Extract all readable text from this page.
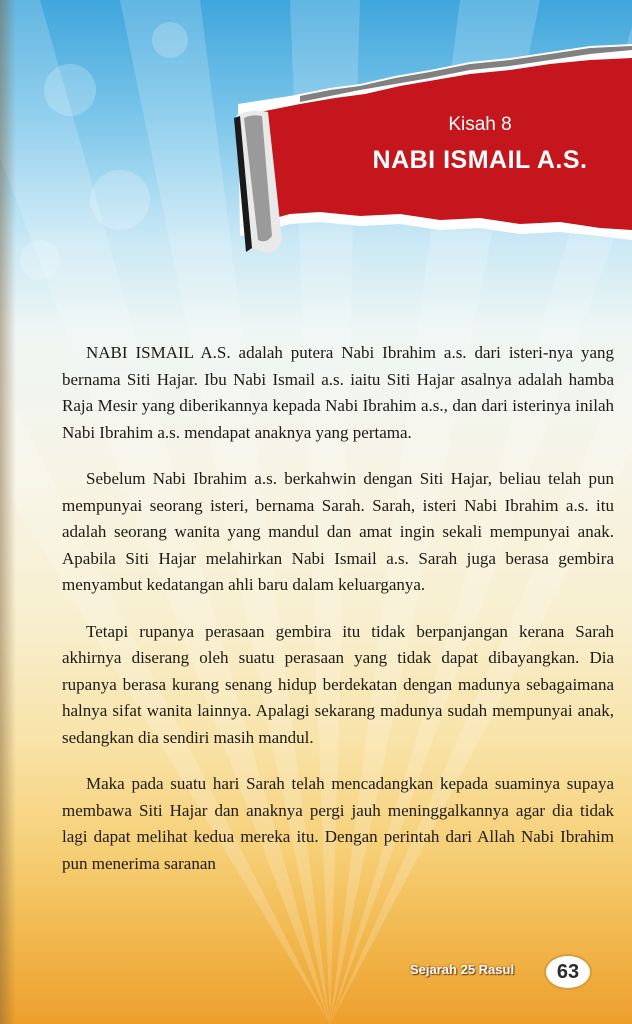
Kisah 8
NABI ISMAIL A.S.

NABI ISMAIL A.S. adalah putera Nabi Ibrahim a.s. dari isteri-nya yang bernama Siti Hajar. Ibu Nabi Ismail a.s. iaitu Siti Hajar asalnya adalah hamba Raja Mesir yang diberikannya kepada Nabi Ibrahim a.s., dan dari isterinya inilah Nabi Ibrahim a.s. mendapat anaknya yang pertama.

Sebelum Nabi Ibrahim a.s. berkahwin dengan Siti Hajar, beliau telah pun mempunyai seorang isteri, bernama Sarah. Sarah, isteri Nabi Ibrahim a.s. itu adalah seorang wanita yang mandul dan amat ingin sekali mempunyai anak. Apabila Siti Hajar melahirkan Nabi Ismail a.s. Sarah juga berasa gembira menyambut kedatangan ahli baru dalam keluarganya.

Tetapi rupanya perasaan gembira itu tidak berpanjangan kerana Sarah akhirnya diserang oleh suatu perasaan yang tidak dapat dibayangkan. Dia rupanya berasa kurang senang hidup berdekatan dengan madunya sebagaimana halnya sifat wanita lainnya. Apalagi sekarang madunya sudah mempunyai anak, sedangkan dia sendiri masih mandul.

Maka pada suatu hari Sarah telah mencadangkan kepada suaminya supaya membawa Siti Hajar dan anaknya pergi jauh meninggalkannya agar dia tidak lagi dapat melihat kedua mereka itu. Dengan perintah dari Allah Nabi Ibrahim pun menerima saranan

Sejarah 25 Rasul	63
